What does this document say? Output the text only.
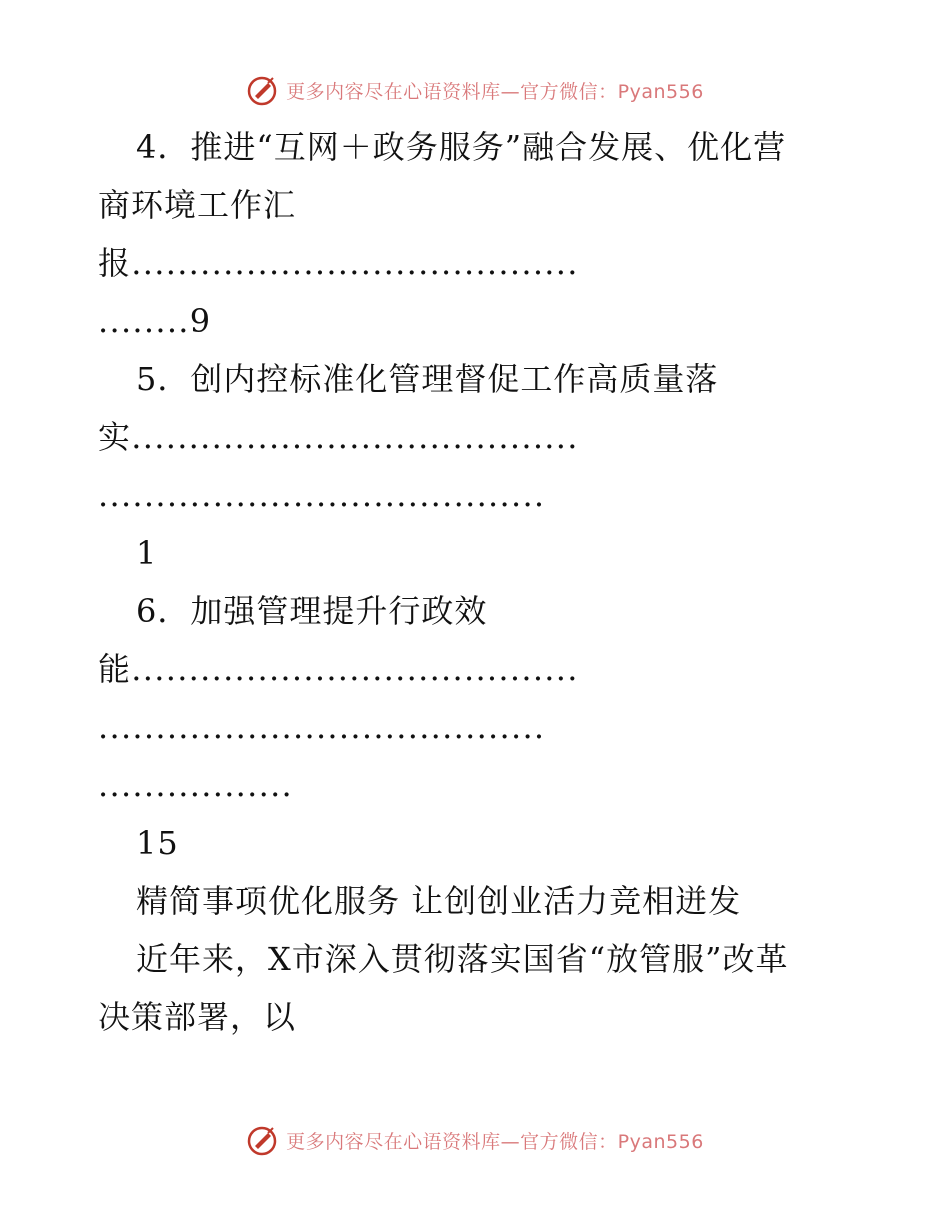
更多内容尽在心语资料库—官方微信：Pyan556
4．推进“互网＋政务服务”融合发展、优化营
商环境工作汇
报.......................................
........9
5．创内控标准化管理督促工作高质量落
实.......................................
.......................................
1
6．加强管理提升行政效
能.......................................
.......................................
.................
15
精简事项优化服务 让创创业活力竞相迸发
近年来，X市深入贯彻落实国省“放管服”改革
决策部署，以
更多内容尽在心语资料库—官方微信：Pyan556
